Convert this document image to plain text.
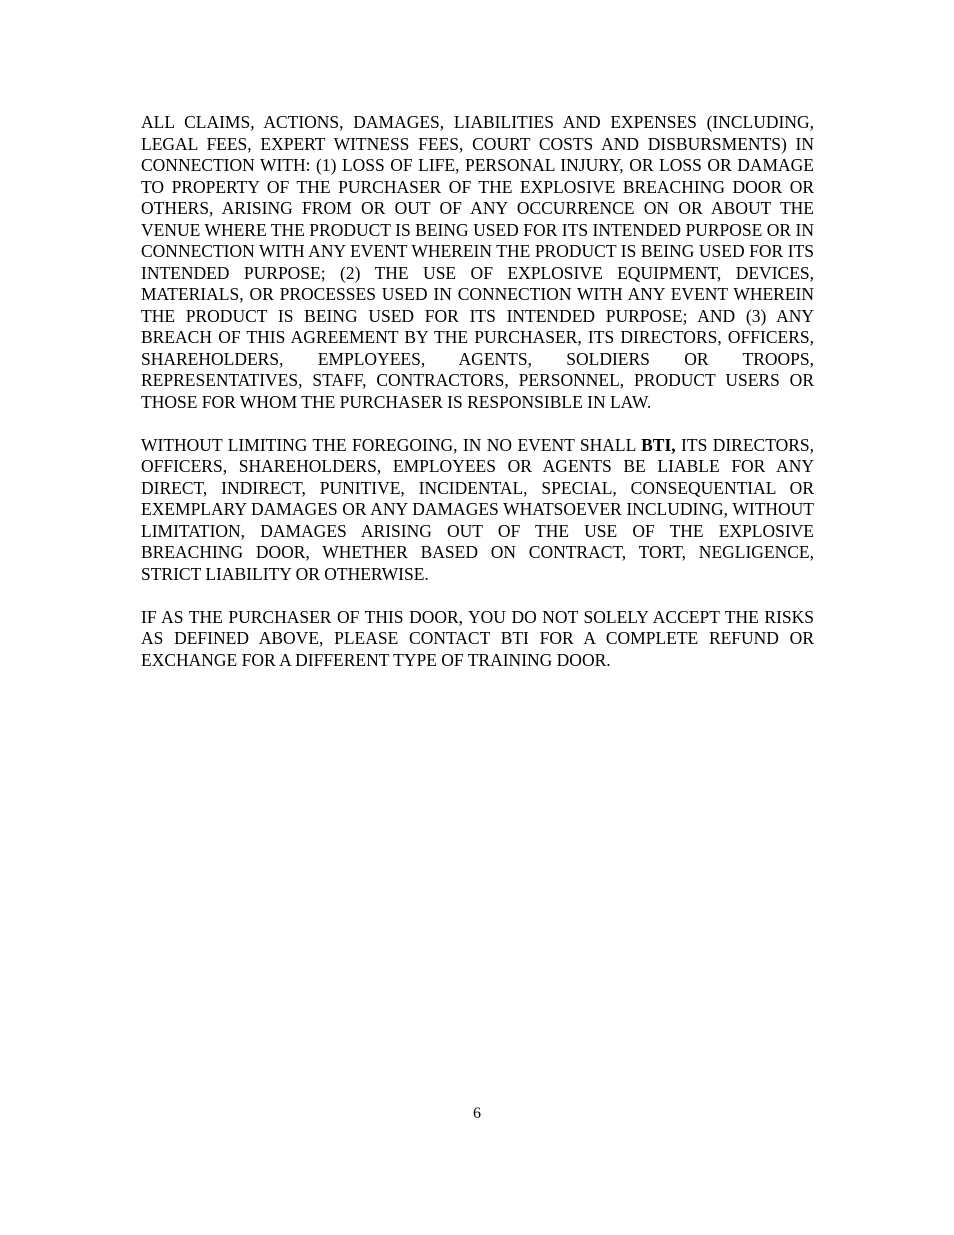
ALL CLAIMS, ACTIONS, DAMAGES, LIABILITIES AND EXPENSES (INCLUDING, LEGAL FEES, EXPERT WITNESS FEES, COURT COSTS AND DISBURSMENTS) IN CONNECTION WITH: (1) LOSS OF LIFE, PERSONAL INJURY, OR LOSS OR DAMAGE TO PROPERTY OF THE PURCHASER OF THE EXPLOSIVE BREACHING DOOR OR OTHERS, ARISING FROM OR OUT OF ANY OCCURRENCE ON OR ABOUT THE VENUE WHERE THE PRODUCT IS BEING USED FOR ITS INTENDED PURPOSE OR IN CONNECTION WITH ANY EVENT WHEREIN THE PRODUCT IS BEING USED FOR ITS INTENDED PURPOSE; (2) THE USE OF EXPLOSIVE EQUIPMENT, DEVICES, MATERIALS, OR PROCESSES USED IN CONNECTION WITH ANY EVENT WHEREIN THE PRODUCT IS BEING USED FOR ITS INTENDED PURPOSE; AND (3) ANY BREACH OF THIS AGREEMENT BY THE PURCHASER, ITS DIRECTORS, OFFICERS, SHAREHOLDERS, EMPLOYEES, AGENTS, SOLDIERS OR TROOPS, REPRESENTATIVES, STAFF, CONTRACTORS, PERSONNEL, PRODUCT USERS OR THOSE FOR WHOM THE PURCHASER IS RESPONSIBLE IN LAW.

WITHOUT LIMITING THE FOREGOING, IN NO EVENT SHALL BTI, ITS DIRECTORS, OFFICERS, SHAREHOLDERS, EMPLOYEES OR AGENTS BE LIABLE FOR ANY DIRECT, INDIRECT, PUNITIVE, INCIDENTAL, SPECIAL, CONSEQUENTIAL OR EXEMPLARY DAMAGES OR ANY DAMAGES WHATSOEVER INCLUDING, WITHOUT LIMITATION, DAMAGES ARISING OUT OF THE USE OF THE EXPLOSIVE BREACHING DOOR, WHETHER BASED ON CONTRACT, TORT, NEGLIGENCE, STRICT LIABILITY OR OTHERWISE.

IF AS THE PURCHASER OF THIS DOOR, YOU DO NOT SOLELY ACCEPT THE RISKS AS DEFINED ABOVE, PLEASE CONTACT BTI FOR A COMPLETE REFUND OR EXCHANGE FOR A DIFFERENT TYPE OF TRAINING DOOR.

6
